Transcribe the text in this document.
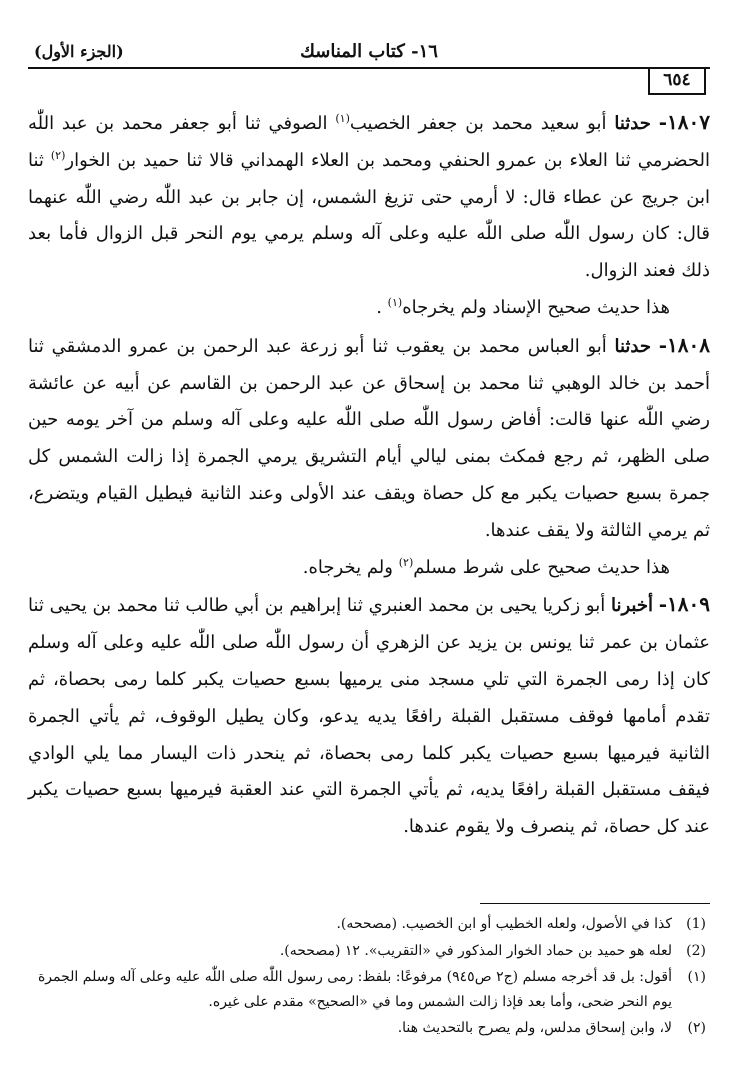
١٦- كتاب المناسك
(الجزء الأول)
٦٥٤

١٨٠٧- حدثنا أبو سعيد محمد بن جعفر الخصيب$^{(١)}$ الصوفي ثنا أبو جعفر محمد بن عبد اللّٰه الحضرمي ثنا العلاء بن عمرو الحنفي ومحمد بن العلاء الهمداني قالا ثنا حميد بن الخوار$^{(٢)}$ ثنا ابن جريج عن عطاء قال: لا أرمي حتى تزيغ الشمس، إن جابر بن عبد اللّٰه رضي اللّٰه عنهما قال: كان رسول اللّٰه صلى اللّٰه عليه وعلى آله وسلم يرمي يوم النحر قبل الزوال فأما بعد ذلك فعند الزوال.

هذا حديث صحيح الإسناد ولم يخرجاه$^{(١)}$ .

١٨٠٨- حدثنا أبو العباس محمد بن يعقوب ثنا أبو زرعة عبد الرحمن بن عمرو الدمشقي ثنا أحمد بن خالد الوهبي ثنا محمد بن إسحاق عن عبد الرحمن بن القاسم عن أبيه عن عائشة رضي اللّٰه عنها قالت: أفاض رسول اللّٰه صلى اللّٰه عليه وعلى آله وسلم من آخر يومه حين صلى الظهر، ثم رجع فمكث بمنى ليالي أيام التشريق يرمي الجمرة إذا زالت الشمس كل جمرة بسبع حصيات يكبر مع كل حصاة ويقف عند الأولى وعند الثانية فيطيل القيام ويتضرع، ثم يرمي الثالثة ولا يقف عندها.

هذا حديث صحيح على شرط مسلم$^{(٢)}$ ولم يخرجاه.

١٨٠٩- أخبرنا أبو زكريا يحيى بن محمد العنبري ثنا إبراهيم بن أبي طالب ثنا محمد بن يحيى ثنا عثمان بن عمر ثنا يونس بن يزيد عن الزهري أن رسول اللّٰه صلى اللّٰه عليه وعلى آله وسلم كان إذا رمى الجمرة التي تلي مسجد منى يرميها بسبع حصيات يكبر كلما رمى بحصاة، ثم تقدم أمامها فوقف مستقبل القبلة رافعًا يديه يدعو، وكان يطيل الوقوف، ثم يأتي الجمرة الثانية فيرميها بسبع حصيات يكبر كلما رمى بحصاة، ثم ينحدر ذات اليسار مما يلي الوادي فيقف مستقبل القبلة رافعًا يديه، ثم يأتي الجمرة التي عند العقبة فيرميها بسبع حصيات يكبر عند كل حصاة، ثم ينصرف ولا يقوم عندها.

(1)
كذا في الأصول، ولعله الخطيب أو ابن الخصيب. (مصححه).
(2)
لعله هو حميد بن حماد الخوار المذكور في «التقريب». ١٢ (مصححه).
(١)
أقول: بل قد أخرجه مسلم (ج٢ ص٩٤٥) مرفوعًا: بلفظ: رمى رسول اللّٰه صلى اللّٰه عليه وعلى آله وسلم الجمرة يوم النحر ضحى، وأما بعد فإذا زالت الشمس وما في «الصحيح» مقدم على غيره.
(٢)
لا، وابن إسحاق مدلس، ولم يصرح بالتحديث هنا.
